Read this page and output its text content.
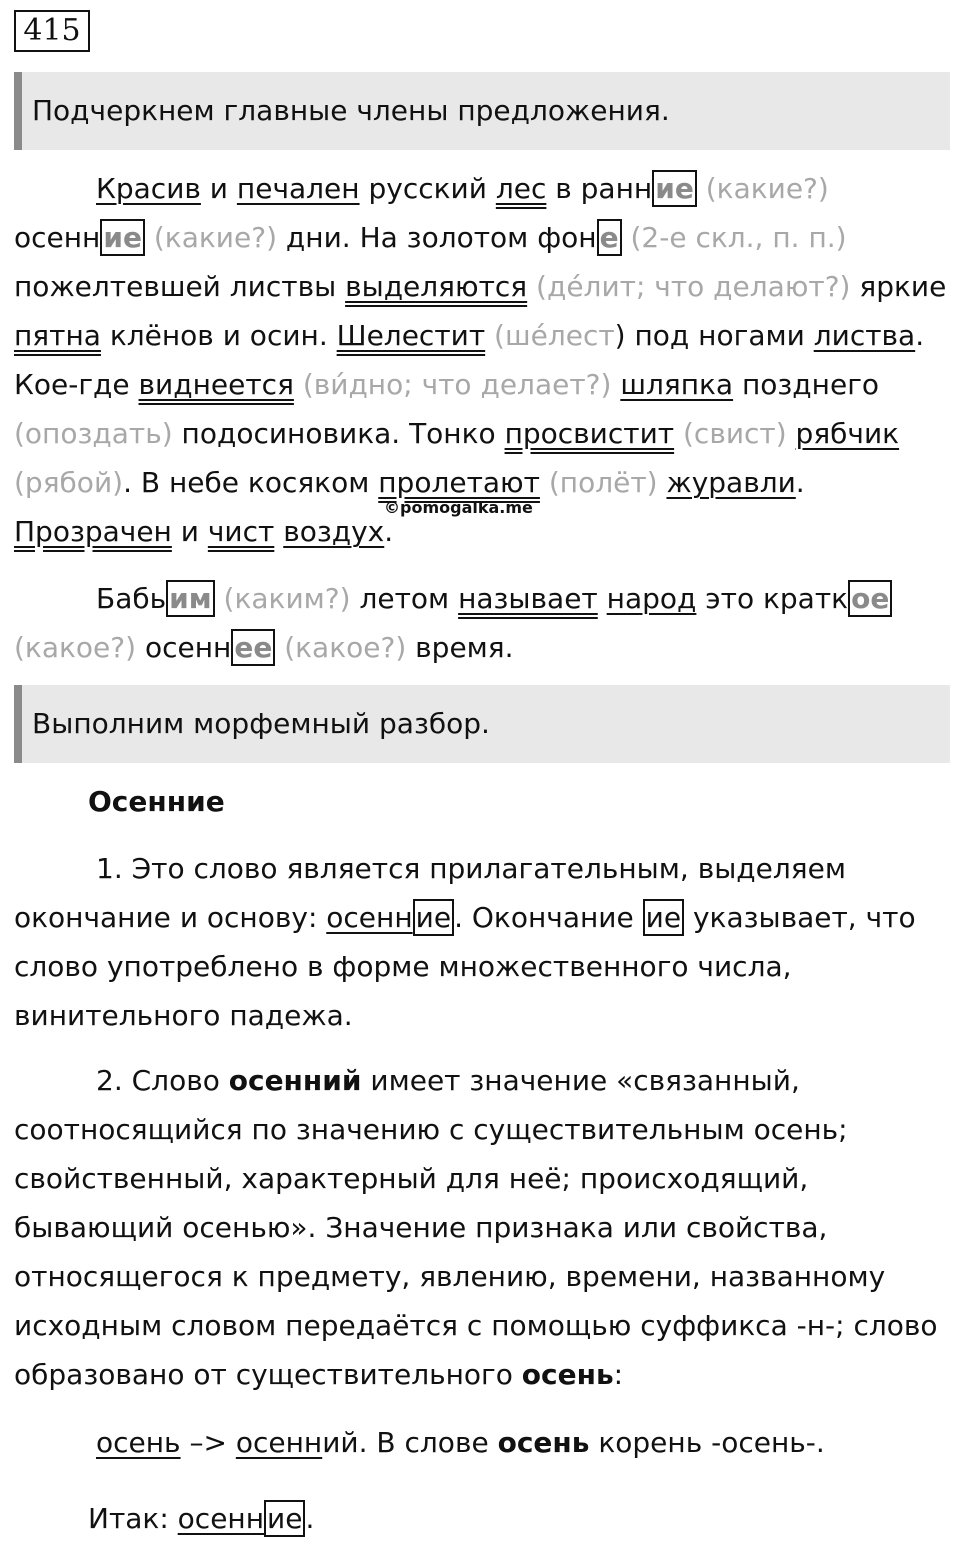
415
Подчеркнем главные члены предложения.
Красив и печален русский лес в ранн ие (какие?) осенн ие (какие?) дни. На золотом фон е (2-е скл., п. п.) пожелтевшей листвы выделяются (де́лит; что делают?) яркие пятна клёнов и осин. Шелестит (ше́лест) под ногами листва. Кое-где виднеется (ви́дно; что делает?) шляпка позднего (опоздать) подосиновика. Тонко просвистит (свист) рябчик (рябой). В небе косяком пролетают (полёт) журавли. Прозрачен и чист воздух.
©pomogalka.me
Бабь им (каким?) летом называет народ это кратк ое (какое?) осенн ее (какое?) время.
Выполним морфемный разбор.
Осенние
1. Это слово является прилагательным, выделяем окончание и основу: осенн ие . Окончание ие указывает, что слово употреблено в форме множественного числа, винительного падежа.
2. Слово осенний имеет значение «связанный, соотносящийся по значению с существительным осень; свойственный, характерный для неё; происходящий, бывающий осенью». Значение признака или свойства, относящегося к предмету, явлению, времени, названному исходным словом передаётся с помощью суффикса -н-; слово образовано от существительного осень:
осень –> осенний. В слове осень корень -осень-.
Итак: осенн ие .
